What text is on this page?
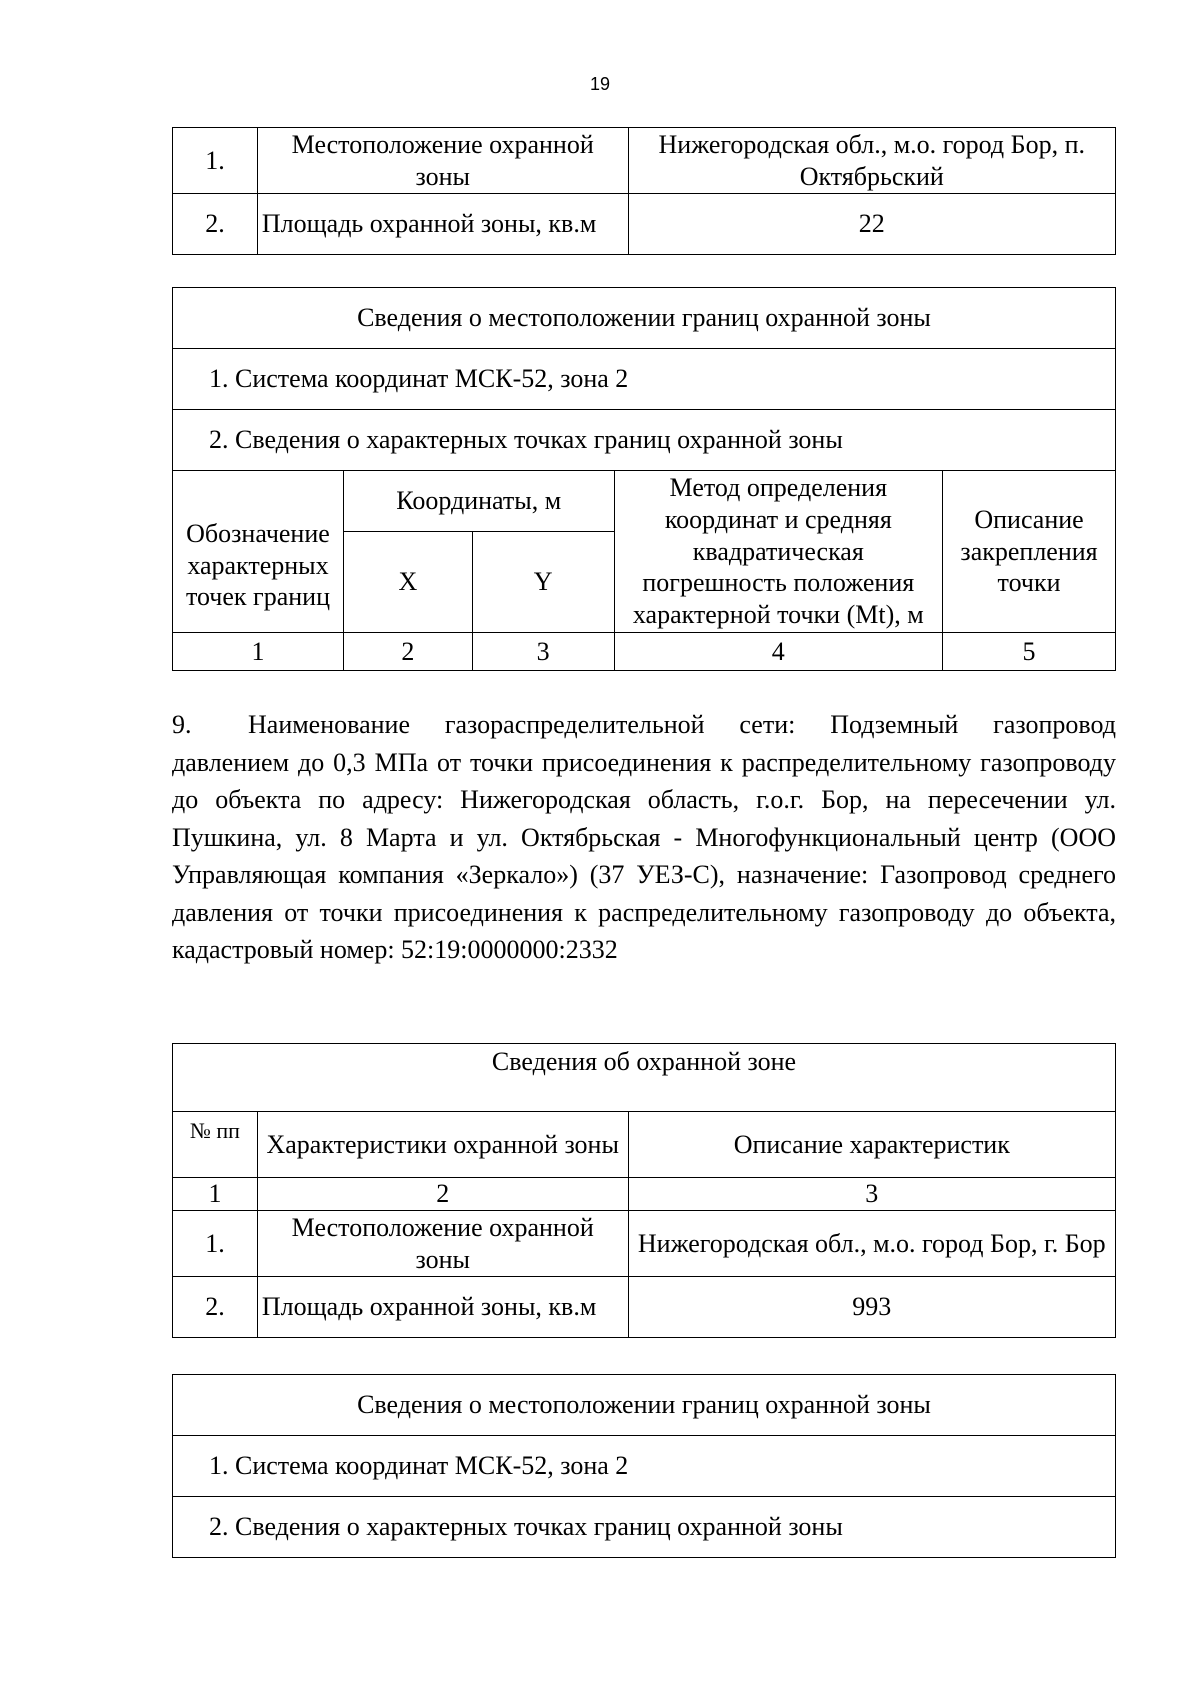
19
1.	Местоположение охранной зоны	Нижегородская обл., м.о. город Бор, п. Октябрьский
2.	Площадь охранной зоны, кв.м	22
Сведения о местоположении границ охранной зоны				
1. Система координат МСК-52, зона 2				
2. Сведения о характерных точках границ охранной зоны				
Обозначение характерных точек границ	Координаты, м		Метод определения координат и средняя квадратическая погрешность положения характерной точки (Mt), м	Описание закрепления точки
	X	Y		
1	2	3	4	5
9. Наименование газораспределительной сети: Подземный газопровод давлением до 0,3 МПа от точки присоединения к распределительному газопроводу до объекта по адресу: Нижегородская область, г.о.г. Бор, на пересечении ул. Пушкина, ул. 8 Марта и ул. Октябрьская - Многофункциональный центр (ООО Управляющая компания «Зеркало») (37 УЕЗ-С), назначение: Газопровод среднего давления от точки присоединения к распределительному газопроводу до объекта, кадастровый номер: 52:19:0000000:2332
Сведения об охранной зоне		
№ пп	Характеристики охранной зоны	Описание характеристик
1	2	3
1.	Местоположение охранной зоны	Нижегородская обл., м.о. город Бор, г. Бор
2.	Площадь охранной зоны, кв.м	993
Сведения о местоположении границ охранной зоны
1. Система координат МСК-52, зона 2
2. Сведения о характерных точках границ охранной зоны
